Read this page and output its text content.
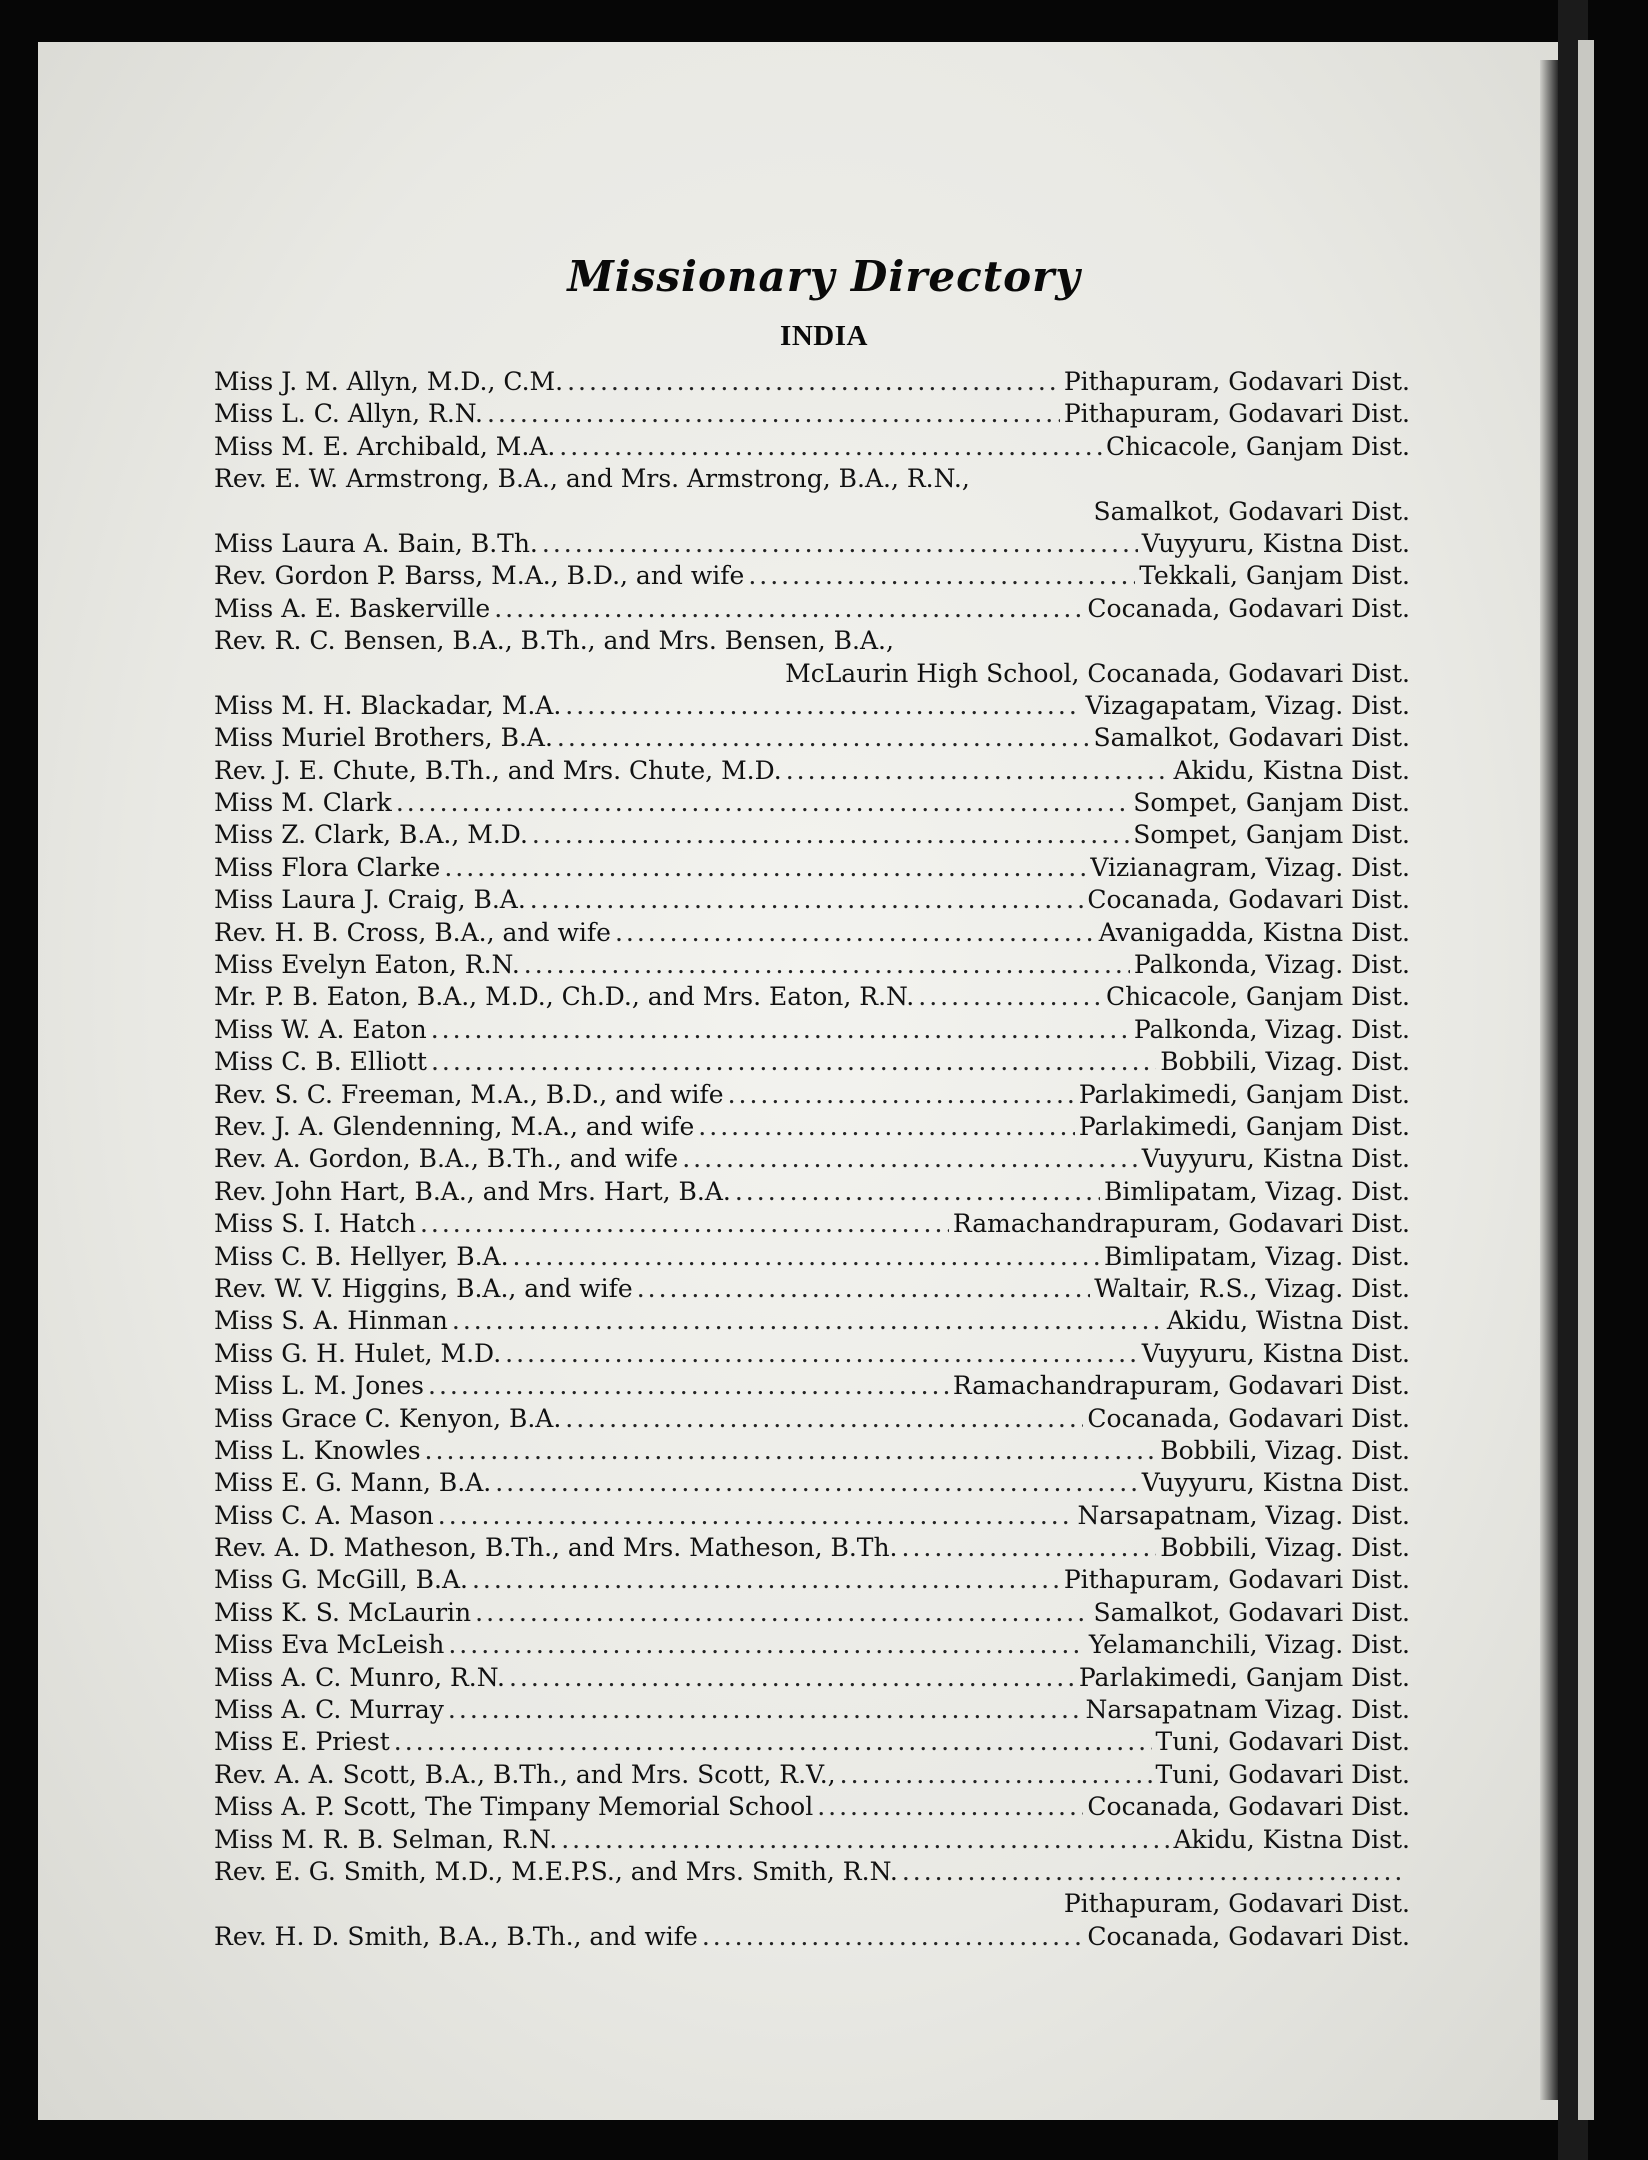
Missionary Directory
INDIA
Miss J. M. Allyn, M.D., C.M. .....	Pithapuram, Godavari Dist.
Miss L. C. Allyn, R.N. .....	Pithapuram, Godavari Dist.
Miss M. E. Archibald, M.A. .....	Chicacole, Ganjam Dist.
Rev. E. W. Armstrong, B.A., and Mrs. Armstrong, B.A., R.N.,
Samalkot, Godavari Dist.
Miss Laura A. Bain, B.Th. .....	Vuyyuru, Kistna Dist.
Rev. Gordon P. Barss, M.A., B.D., and wife .....	Tekkali, Ganjam Dist.
Miss A. E. Baskerville .....	Cocanada, Godavari Dist.
Rev. R. C. Bensen, B.A., B.Th., and Mrs. Bensen, B.A.,
McLaurin High School, Cocanada, Godavari Dist.
Miss M. H. Blackadar, M.A. .....	Vizagapatam, Vizag. Dist.
Miss Muriel Brothers, B.A. .....	Samalkot, Godavari Dist.
Rev. J. E. Chute, B.Th., and Mrs. Chute, M.D. .....	Akidu, Kistna Dist.
Miss M. Clark .....	Sompet, Ganjam Dist.
Miss Z. Clark, B.A., M.D. .....	Sompet, Ganjam Dist.
Miss Flora Clarke .....	Vizianagram, Vizag. Dist.
Miss Laura J. Craig, B.A. .....	Cocanada, Godavari Dist.
Rev. H. B. Cross, B.A., and wife .....	Avanigadda, Kistna Dist.
Miss Evelyn Eaton, R.N. .....	Palkonda, Vizag. Dist.
Mr. P. B. Eaton, B.A., M.D., Ch.D., and Mrs. Eaton, R.N. .....	Chicacole, Ganjam Dist.
Miss W. A. Eaton .....	Palkonda, Vizag. Dist.
Miss C. B. Elliott .....	Bobbili, Vizag. Dist.
Rev. S. C. Freeman, M.A., B.D., and wife .....	Parlakimedi, Ganjam Dist.
Rev. J. A. Glendenning, M.A., and wife .....	Parlakimedi, Ganjam Dist.
Rev. A. Gordon, B.A., B.Th., and wife .....	Vuyyuru, Kistna Dist.
Rev. John Hart, B.A., and Mrs. Hart, B.A. .....	Bimlipatam, Vizag. Dist.
Miss S. I. Hatch .....	Ramachandrapuram, Godavari Dist.
Miss C. B. Hellyer, B.A. .....	Bimlipatam, Vizag. Dist.
Rev. W. V. Higgins, B.A., and wife .....	Waltair, R.S., Vizag. Dist.
Miss S. A. Hinman .....	Akidu, Wistna Dist.
Miss G. H. Hulet, M.D. .....	Vuyyuru, Kistna Dist.
Miss L. M. Jones .....	Ramachandrapuram, Godavari Dist.
Miss Grace C. Kenyon, B.A. .....	Cocanada, Godavari Dist.
Miss L. Knowles .....	Bobbili, Vizag. Dist.
Miss E. G. Mann, B.A. .....	Vuyyuru, Kistna Dist.
Miss C. A. Mason .....	Narsapatnam, Vizag. Dist.
Rev. A. D. Matheson, B.Th., and Mrs. Matheson, B.Th. .....	Bobbili, Vizag. Dist.
Miss G. McGill, B.A. .....	Pithapuram, Godavari Dist.
Miss K. S. McLaurin .....	Samalkot, Godavari Dist.
Miss Eva McLeish .....	Yelamanchili, Vizag. Dist.
Miss A. C. Munro, R.N. .....	Parlakimedi, Ganjam Dist.
Miss A. C. Murray .....	Narsapatnam Vizag. Dist.
Miss E. Priest .....	Tuni, Godavari Dist.
Rev. A. A. Scott, B.A., B.Th., and Mrs. Scott, R.V., .....	Tuni, Godavari Dist.
Miss A. P. Scott, The Timpany Memorial School .....	Cocanada, Godavari Dist.
Miss M. R. B. Selman, R.N. .....	Akidu, Kistna Dist.
Rev. E. G. Smith, M.D., M.E.P.S., and Mrs. Smith, R.N.
.....
Pithapuram, Godavari Dist.
Rev. H. D. Smith, B.A., B.Th., and wife .....	Cocanada, Godavari Dist.
